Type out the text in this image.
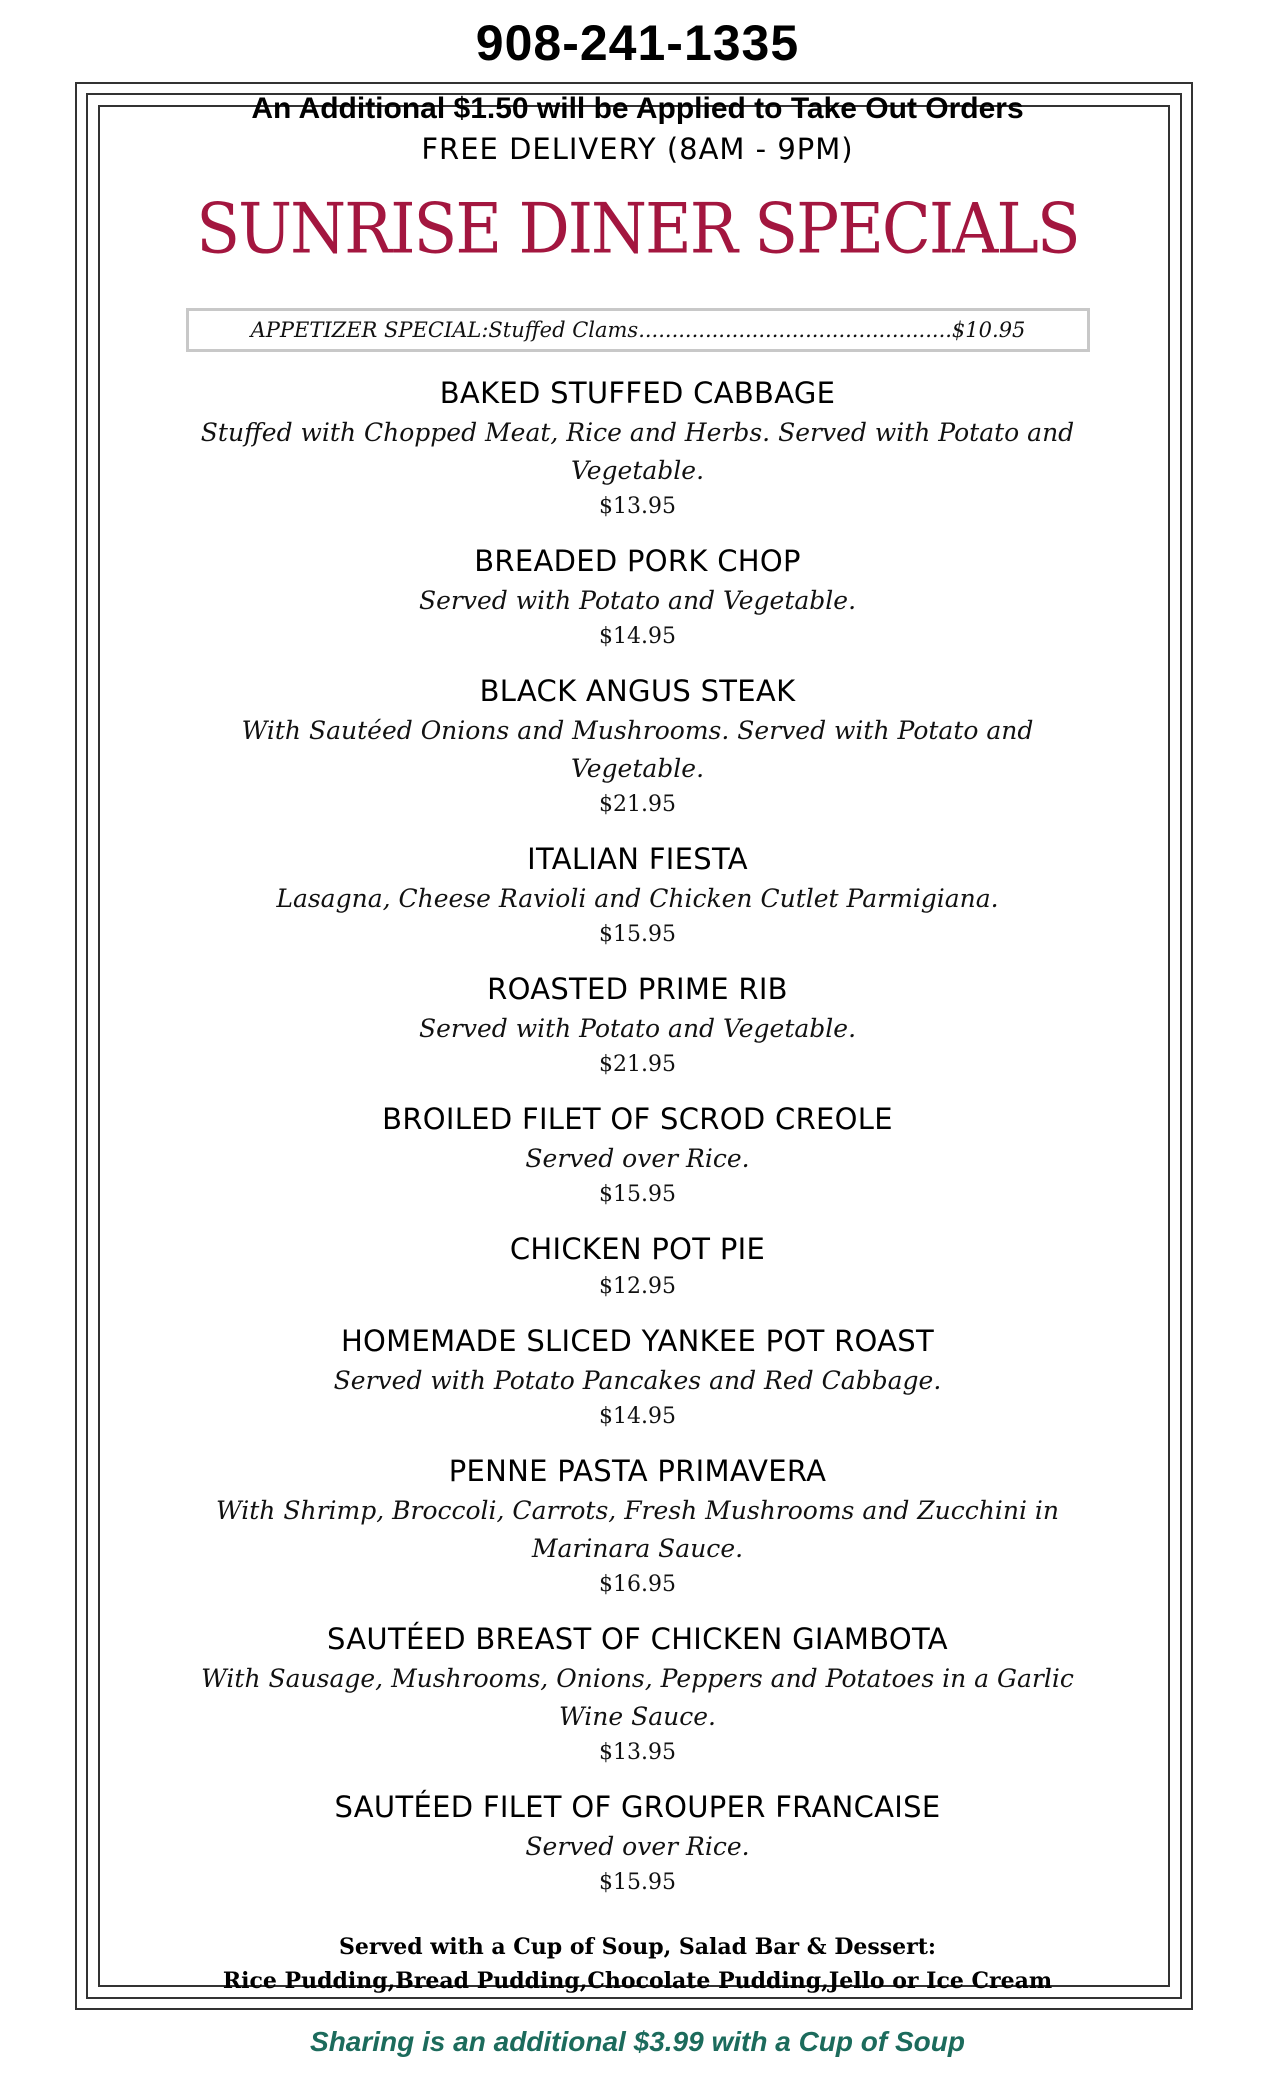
908-241-1335
An Additional $1.50 will be Applied to Take Out Orders
FREE DELIVERY (8AM - 9PM)
SUNRISE DINER SPECIALS
APPETIZER SPECIAL:Stuffed Clams...............................................$10.95
BAKED STUFFED CABBAGE
Stuffed with Chopped Meat, Rice and Herbs. Served with Potato and Vegetable.
$13.95
BREADED PORK CHOP
Served with Potato and Vegetable.
$14.95
BLACK ANGUS STEAK
With Sautéed Onions and Mushrooms. Served with Potato and Vegetable.
$21.95
ITALIAN FIESTA
Lasagna, Cheese Ravioli and Chicken Cutlet Parmigiana.
$15.95
ROASTED PRIME RIB
Served with Potato and Vegetable.
$21.95
BROILED FILET OF SCROD CREOLE
Served over Rice.
$15.95
CHICKEN POT PIE
$12.95
HOMEMADE SLICED YANKEE POT ROAST
Served with Potato Pancakes and Red Cabbage.
$14.95
PENNE PASTA PRIMAVERA
With Shrimp, Broccoli, Carrots, Fresh Mushrooms and Zucchini in Marinara Sauce.
$16.95
SAUTÉED BREAST OF CHICKEN GIAMBOTA
With Sausage, Mushrooms, Onions, Peppers and Potatoes in a Garlic Wine Sauce.
$13.95
SAUTÉED FILET OF GROUPER FRANCAISE
Served over Rice.
$15.95
Served with a Cup of Soup, Salad Bar & Dessert:
Rice Pudding,Bread Pudding,Chocolate Pudding,Jello or Ice Cream
Sharing is an additional $3.99 with a Cup of Soup
